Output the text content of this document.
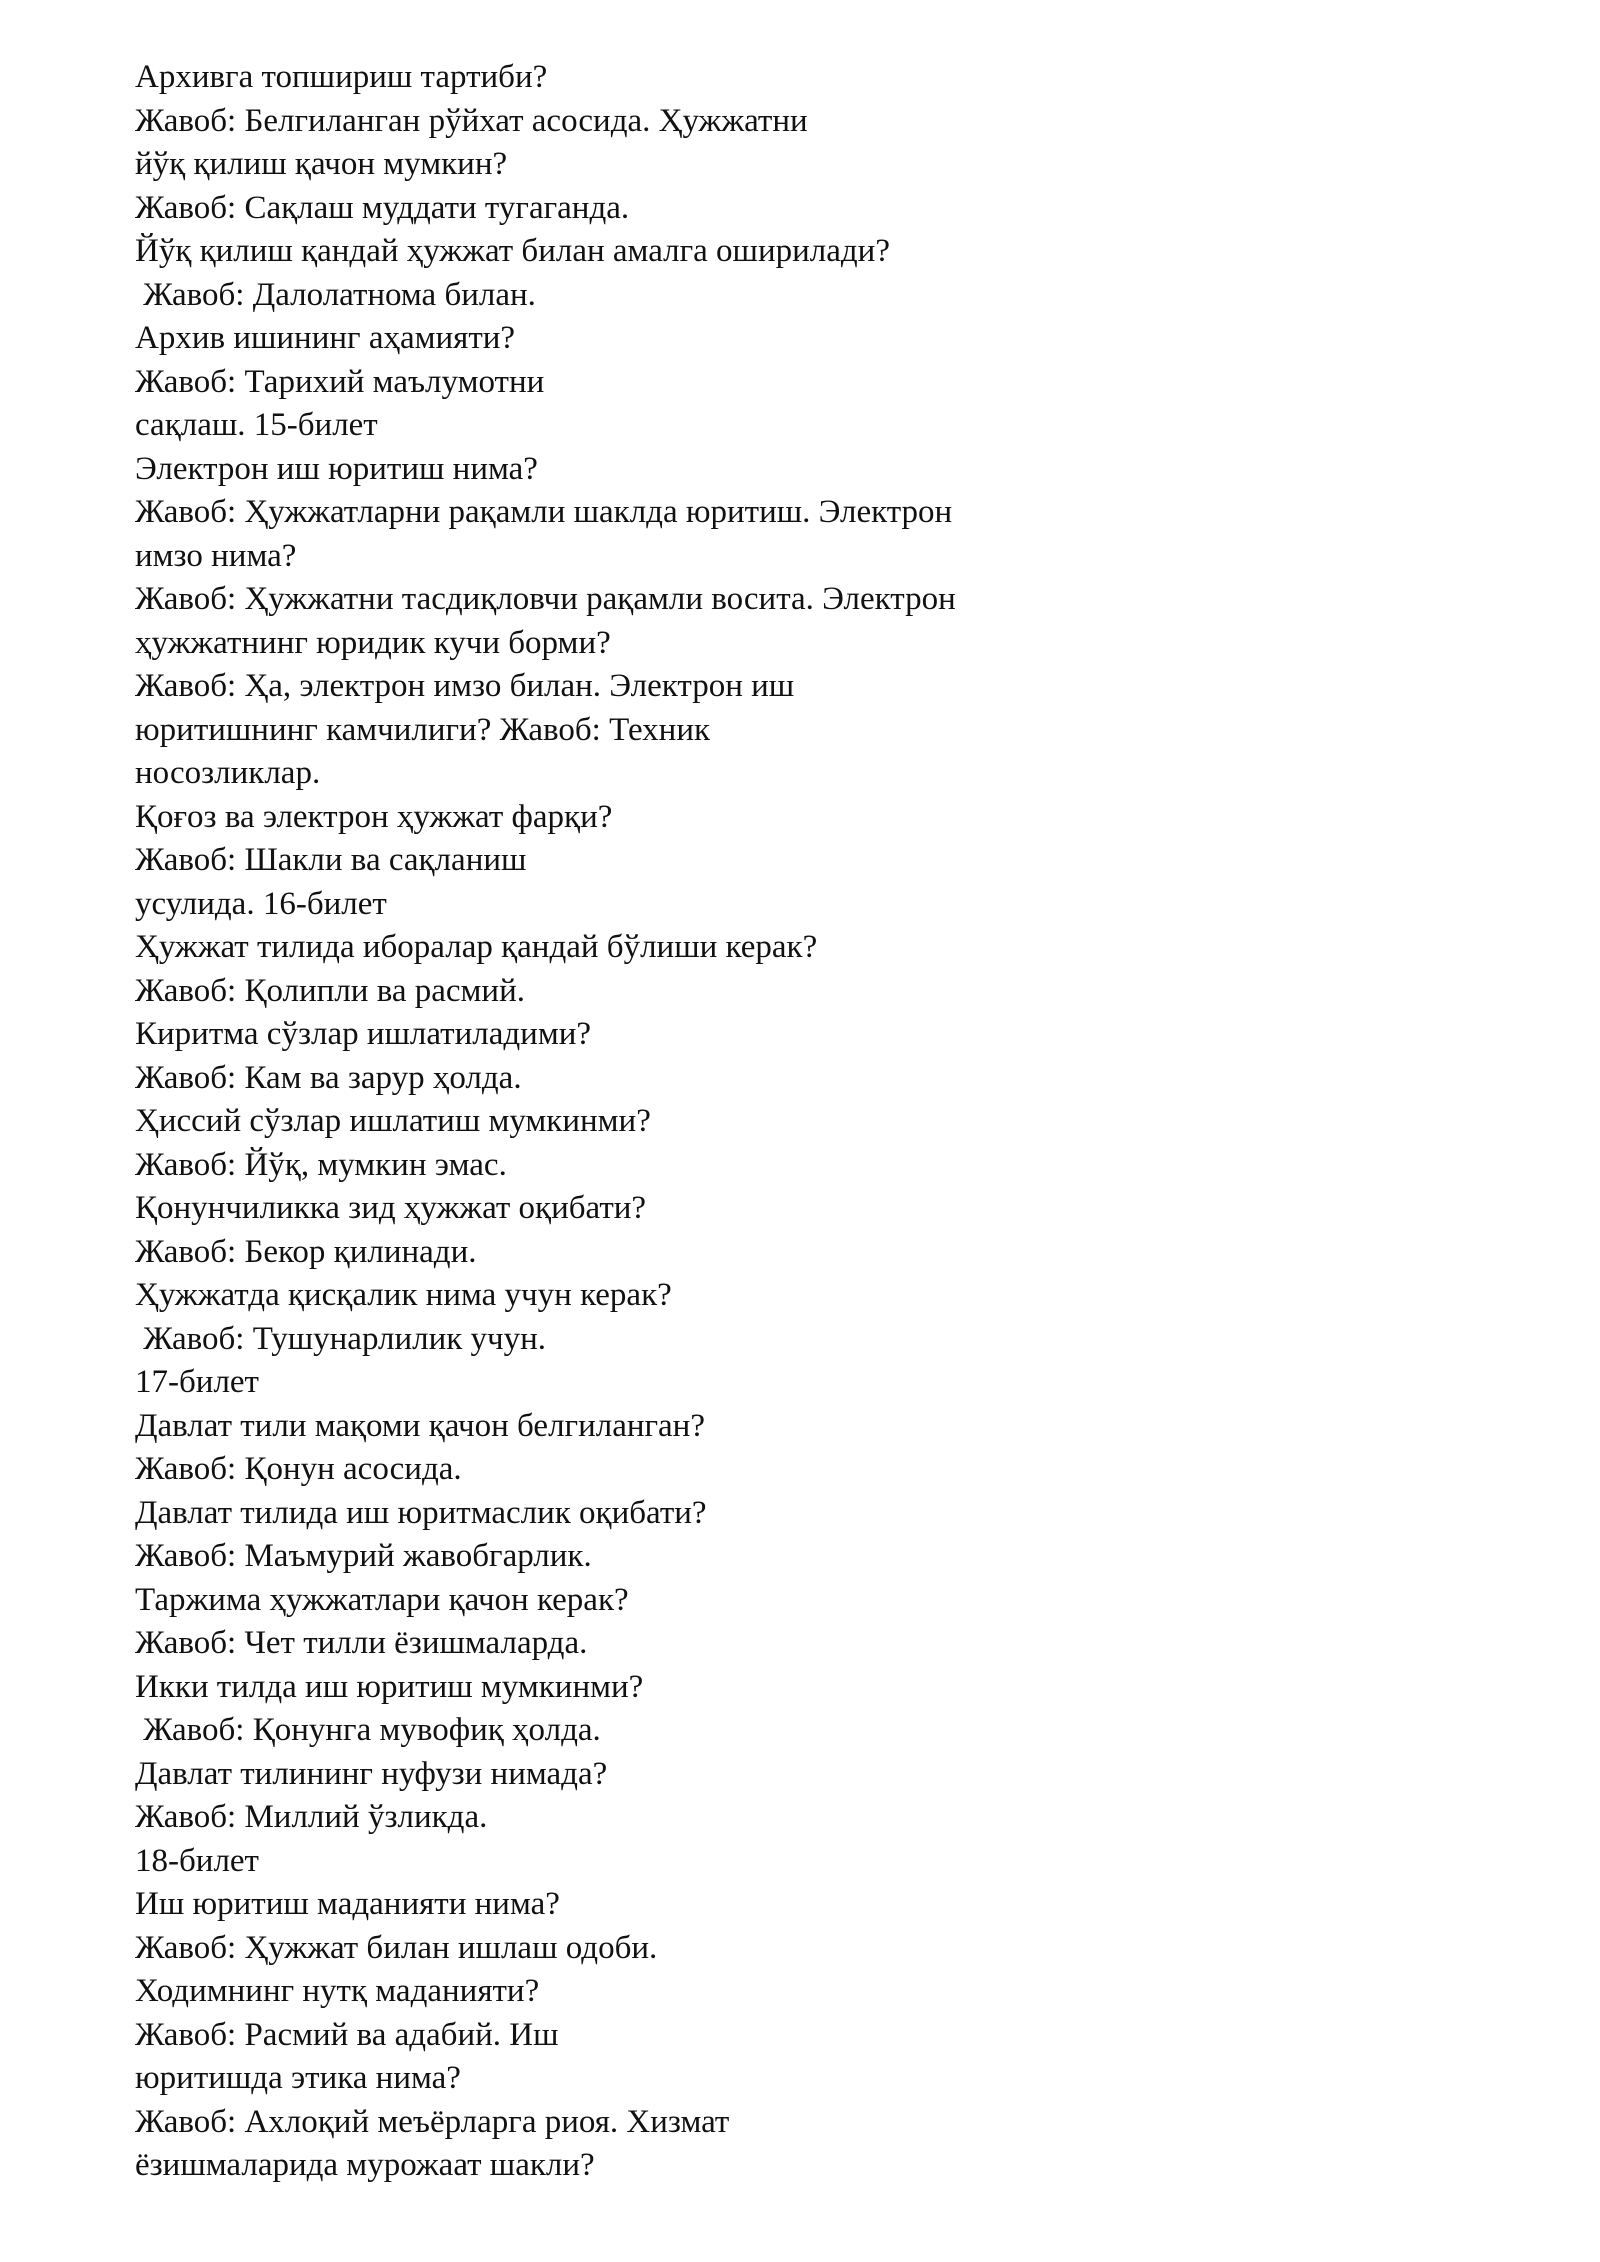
Архивга топшириш тартиби?
Жавоб: Белгиланган рўйхат асосида. Ҳужжатни
йўқ қилиш қачон мумкин?
Жавоб: Сақлаш муддати тугаганда.
Йўқ қилиш қандай ҳужжат билан амалга оширилади?
Жавоб: Далолатнома билан.
Архив ишининг аҳамияти?
Жавоб: Тарихий маълумотни
сақлаш. 15-билет
Электрон иш юритиш нима?
Жавоб: Ҳужжатларни рақамли шаклда юритиш. Электрон
имзо нима?
Жавоб: Ҳужжатни тасдиқловчи рақамли восита. Электрон
ҳужжатнинг юридик кучи борми?
Жавоб: Ҳа, электрон имзо билан. Электрон иш
юритишнинг камчилиги? Жавоб: Техник
носозликлар.
Қоғоз ва электрон ҳужжат фарқи?
Жавоб: Шакли ва сақланиш
усулида. 16-билет
Ҳужжат тилида иборалар қандай бўлиши керак?
Жавоб: Қолипли ва расмий.
Киритма сўзлар ишлатиладими?
Жавоб: Кам ва зарур ҳолда.
Ҳиссий сўзлар ишлатиш мумкинми?
Жавоб: Йўқ, мумкин эмас.
Қонунчиликка зид ҳужжат оқибати?
Жавоб: Бекор қилинади.
Ҳужжатда қисқалик нима учун керак?
Жавоб: Тушунарлилик учун.
17-билет
Давлат тили мақоми қачон белгиланган?
Жавоб: Қонун асосида.
Давлат тилида иш юритмаслик оқибати?
Жавоб: Маъмурий жавобгарлик.
Таржима ҳужжатлари қачон керак?
Жавоб: Чет тилли ёзишмаларда.
Икки тилда иш юритиш мумкинми?
Жавоб: Қонунга мувофиқ ҳолда.
Давлат тилининг нуфузи нимада?
Жавоб: Миллий ўзликда.
18-билет
Иш юритиш маданияти нима?
Жавоб: Ҳужжат билан ишлаш одоби.
Ходимнинг нутқ маданияти?
Жавоб: Расмий ва адабий. Иш
юритишда этика нима?
Жавоб: Ахлоқий меъёрларга риоя. Хизмат
ёзишмаларида мурожаат шакли?
